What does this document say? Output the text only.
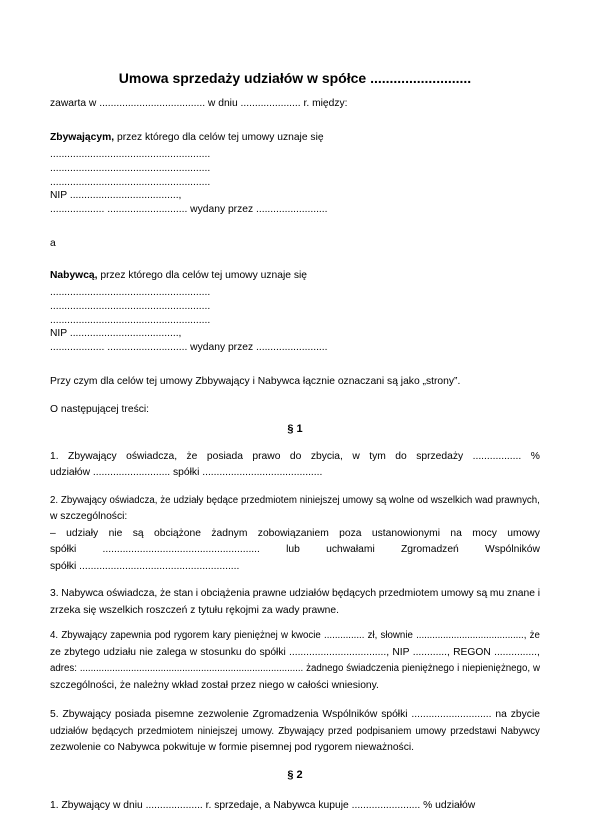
Umowa sprzedaży udziałów w spółce ..........................
zawarta w ..................................... w dniu ..................... r. między:
Zbywającym, przez którego dla celów tej umowy uznaje się
........................................................
........................................................
........................................................
NIP ......................................,
................... ............................ wydany przez .........................
a
Nabywcą, przez którego dla celów tej umowy uznaje się
........................................................
........................................................
........................................................
NIP ......................................,
................... ............................ wydany przez .........................
Przy czym dla celów tej umowy Zbbywający i Nabywca łącznie oznaczani są jako „strony”.
O następującej treści:
§ 1
1. Zbywający oświadcza, że posiada prawo do zbycia, w tym do sprzedaży ................. %
udziałów ........................... spółki ..........................................
2. Zbywający oświadcza, że udziały będące przedmiotem niniejszej umowy są wolne od wszelkich wad prawnych,
w szczególności:
– udziały nie są obciążone żadnym zobowiązaniem poza ustanowionymi na mocy umowy
spółki	.......................................................	lub	uchwałami	Zgromadzeń	Wspólników
spółki ........................................................
3. Nabywca oświadcza, że stan i obciążenia prawne udziałów będących przedmiotem umowy są mu znane i
zrzeka się wszelkich roszczeń z tytułu rękojmi za wady prawne.
4. Zbywający zapewnia pod rygorem kary pieniężnej w kwocie ............... zł, słownie ........................................, że
ze zbytego udziału nie zalega w stosunku do spółki .................................., NIP ............, REGON ...............,
adres: ................................................................................... żadnego świadczenia pieniężnego i niepieniężnego, w
szczególności, że należny wkład został przez niego w całości wniesiony.
5. Zbywający posiada pisemne zezwolenie Zgromadzenia Wspólników spółki ............................ na zbycie
udziałów będących przedmiotem niniejszej umowy. Zbywający przed podpisaniem umowy przedstawi Nabywcy
zezwolenie co Nabywca pokwituje w formie pisemnej pod rygorem nieważności.
§ 2
1. Zbywający w dniu .................... r. sprzedaje, a Nabywca kupuje ........................ % udziałów
